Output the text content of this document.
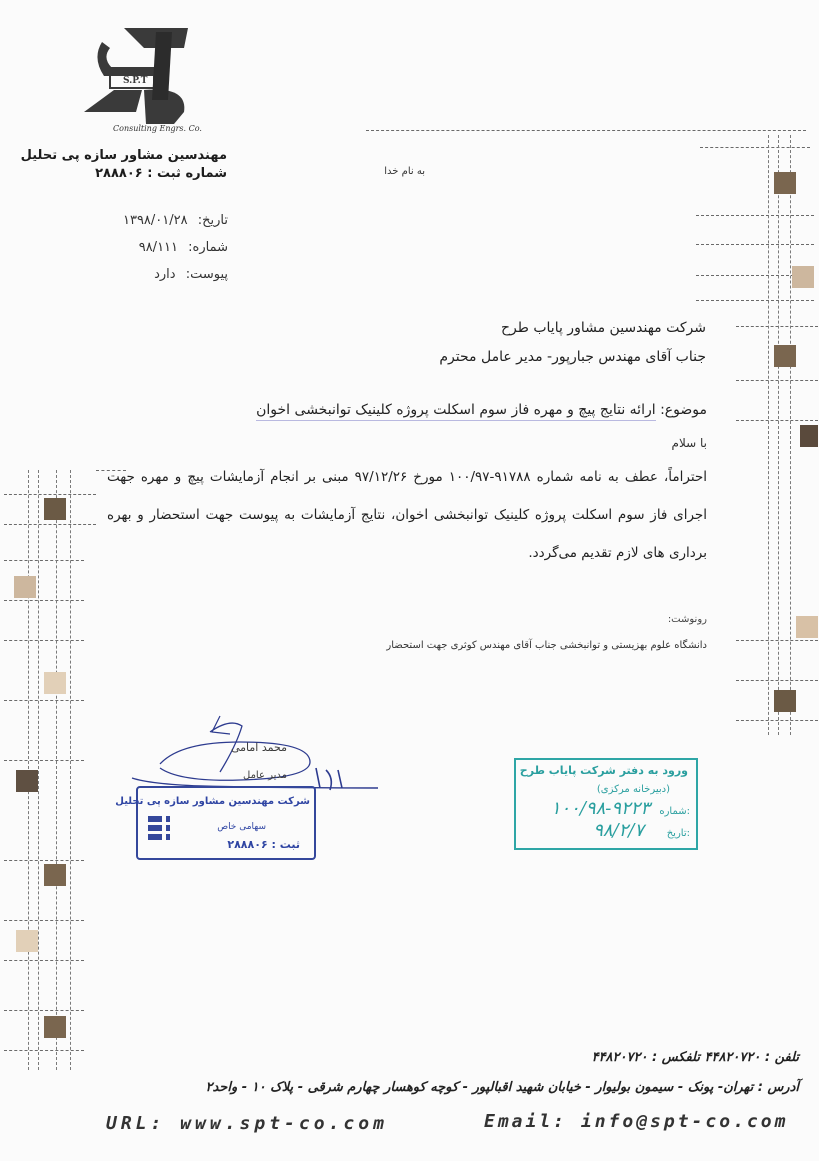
S.P.T
Consulting Engrs. Co.
مهندسین مشاور سازه پی تحلیل
شماره ثبت : ۲۸۸۸۰۶	به نام خدا
تاریخ: ۱۳۹۸/۰۱/۲۸
شماره: ۹۸/۱۱۱
پیوست: دارد
شرکت مهندسین مشاور پایاب طرح
جناب آقای مهندس جبارپور- مدیر عامل محترم
موضوع: ارائه نتایج پیچ و مهره فاز سوم اسکلت پروژه کلینیک توانبخشی اخوان
با سلام
احتراماً، عطف به نامه شماره ۹۱۷۸۸-۱۰۰/۹۷ مورخ ۹۷/۱۲/۲۶ مبنی بر انجام آزمایشات پیچ و مهره جهت اجرای فاز سوم اسکلت پروژه کلینیک توانبخشی اخوان، نتایج آزمایشات به پیوست جهت استحضار و بهره برداری های لازم تقدیم می‌گردد.
رونوشت:
دانشگاه علوم بهزیستی و توانبخشی جناب آقای مهندس کوثری جهت استحضار
محمد امامی
مدیر عامل
شرکت مهندسین مشاور سازه پی تحلیل
سهامی خاص
ثبت : ۲۸۸۸۰۶
ورود به دفتر شرکت پایاب طرح
(دبیرخانه مرکزی)
شماره:
۱۰۰/۹۸-۹۲۲۳
تاریخ:
۹۸/۲/۷
تلفن : ۴۴۸۲۰۷۲۰ تلفکس : ۴۴۸۲۰۷۲۰
آدرس : تهران- پونک - سیمون بولیوار - خیابان شهید اقبالپور - کوچه کوهسار چهارم شرقی - پلاک ۱۰ - واحد۲
URL: www.spt-co.com	Email: info@spt-co.com
